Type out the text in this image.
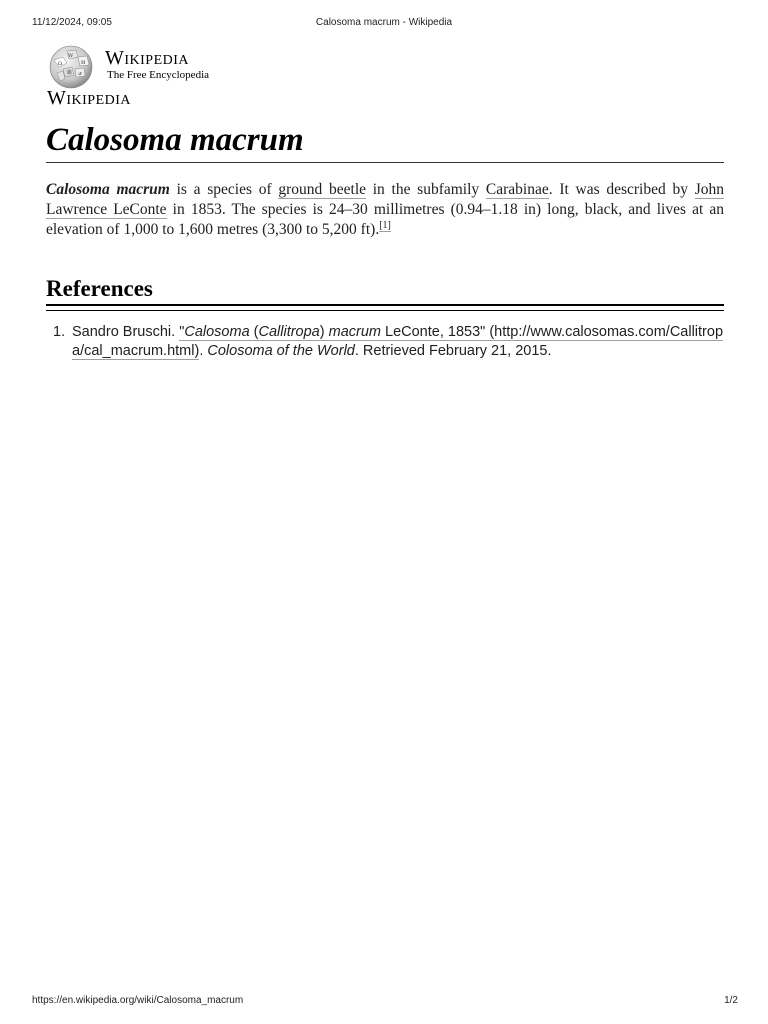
11/12/2024, 09:05	Calosoma macrum - Wikipedia
W
Ω	И
維 ي
Wikipedia
The Free Encyclopedia
Wikipedia
Calosoma macrum

Calosoma macrum is a species of ground beetle in the subfamily Carabinae. It was described by John Lawrence LeConte in 1853. The species is 24–30 millimetres (0.94–1.18 in) long, black, and lives at an elevation of 1,000 to 1,600 metres (3,300 to 5,200 ft).[1]

References
1. Sandro Bruschi. "Calosoma (Callitropa) macrum LeConte, 1853" (http://www.calosomas.com/Callitropa/cal_macrum.html). Colosoma of the World. Retrieved February 21, 2015.
https://en.wikipedia.org/wiki/Calosoma_macrum	1/2
